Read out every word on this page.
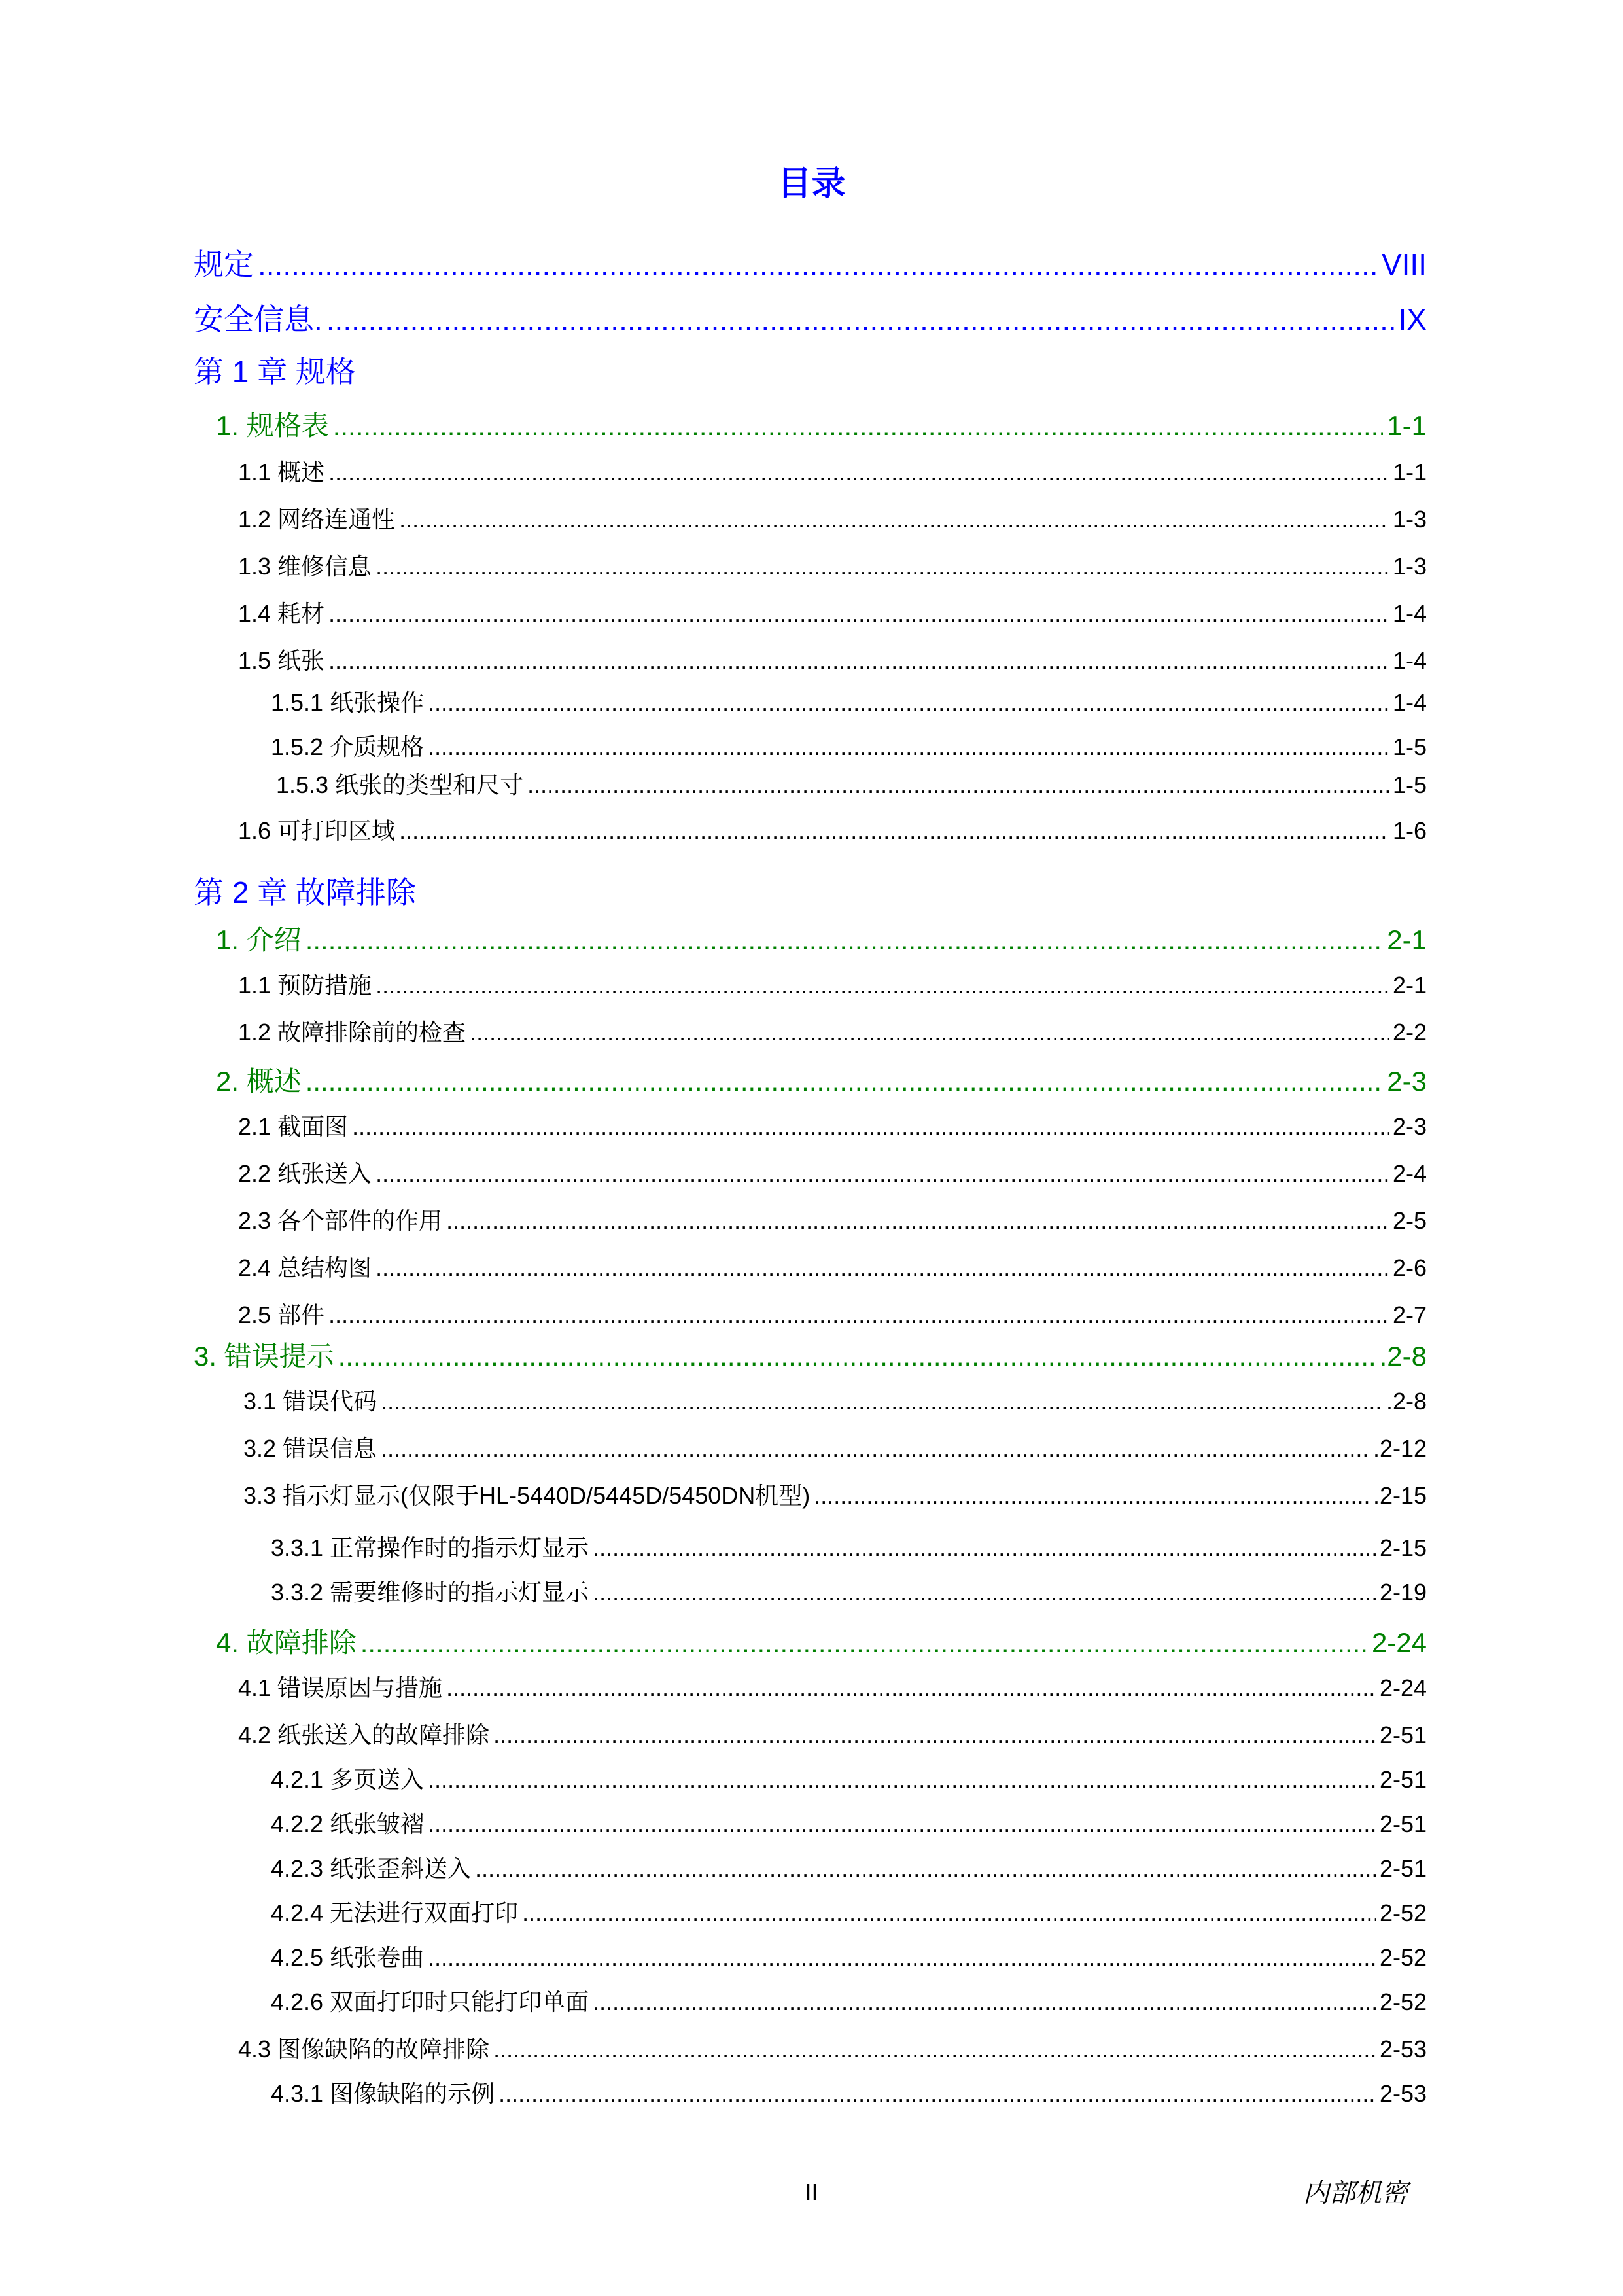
目录
规定 .....	VIII
安全信息. .....	IX
第 1 章 规格
1. 规格表 .....	1-1
1.1 概述 .....	1-1
1.2 网络连通性 .....	1-3
1.3 维修信息 .....	1-3
1.4 耗材 .....	1-4
1.5 纸张 .....	1-4
1.5.1 纸张操作 .....	1-4
1.5.2 介质规格 .....	1-5
1.5.3 纸张的类型和尺寸 .....	1-5
1.6 可打印区域 .....	1-6
第 2 章 故障排除
1. 介绍 .....	2-1
1.1 预防措施 .....	2-1
1.2 故障排除前的检查 .....	2-2
2. 概述 .....	2-3
2.1 截面图 .....	2-3
2.2 纸张送入 .....	2-4
2.3 各个部件的作用 .....	2-5
2.4 总结构图 .....	2-6
2.5 部件 .....	2-7
3. 错误提示 .....	.2-8
3.1 错误代码 .....	.2-8
3.2 错误信息 .....	.2-12
3.3 指示灯显示(仅限于HL-5440D/5445D/5450DN机型) .....	.2-15
3.3.1 正常操作时的指示灯显示 .....	2-15
3.3.2 需要维修时的指示灯显示 .....	2-19
4. 故障排除 .....	2-24
4.1 错误原因与措施 .....	2-24
4.2 纸张送入的故障排除 .....	2-51
4.2.1 多页送入 .....	2-51
4.2.2 纸张皱褶 .....	2-51
4.2.3 纸张歪斜送入 .....	2-51
4.2.4 无法进行双面打印 .....	2-52
4.2.5 纸张卷曲 .....	2-52
4.2.6 双面打印时只能打印单面 .....	2-52
4.3 图像缺陷的故障排除 .....	2-53
4.3.1 图像缺陷的示例 .....	2-53
II	内部机密
